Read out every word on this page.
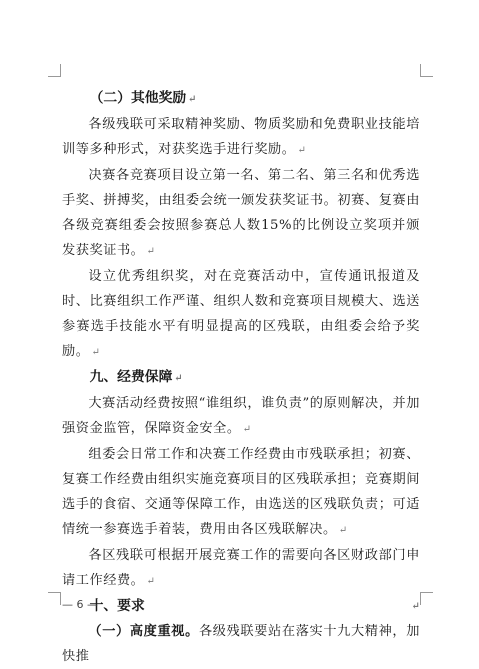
（二）其他奖励 ↵

各级残联可采取精神奖励、物质奖励和免费职业技能培训等多种形式，对获奖选手进行奖励。 ↵

决赛各竞赛项目设立第一名、第二名、第三名和优秀选手奖、拼搏奖，由组委会统一颁发获奖证书。初赛、复赛由各级竞赛组委会按照参赛总人数15%的比例设立奖项并颁发获奖证书。 ↵

设立优秀组织奖，对在竞赛活动中，宣传通讯报道及时、比赛组织工作严谨、组织人数和竞赛项目规模大、选送参赛选手技能水平有明显提高的区残联，由组委会给予奖励。 ↵

九、经费保障 ↵

大赛活动经费按照“谁组织，谁负责”的原则解决，并加强资金监管，保障资金安全。 ↵

组委会日常工作和决赛工作经费由市残联承担；初赛、复赛工作经费由组织实施竞赛项目的区残联承担；竞赛期间选手的食宿、交通等保障工作，由选送的区残联负责；可适情统一参赛选手着装，费用由各区残联解决。 ↵

各区残联可根据开展竞赛工作的需要向各区财政部门申请工作经费。 ↵

十、要求	↵

（一）高度重视。各级残联要站在落实十九大精神，加快推

— 6 —
